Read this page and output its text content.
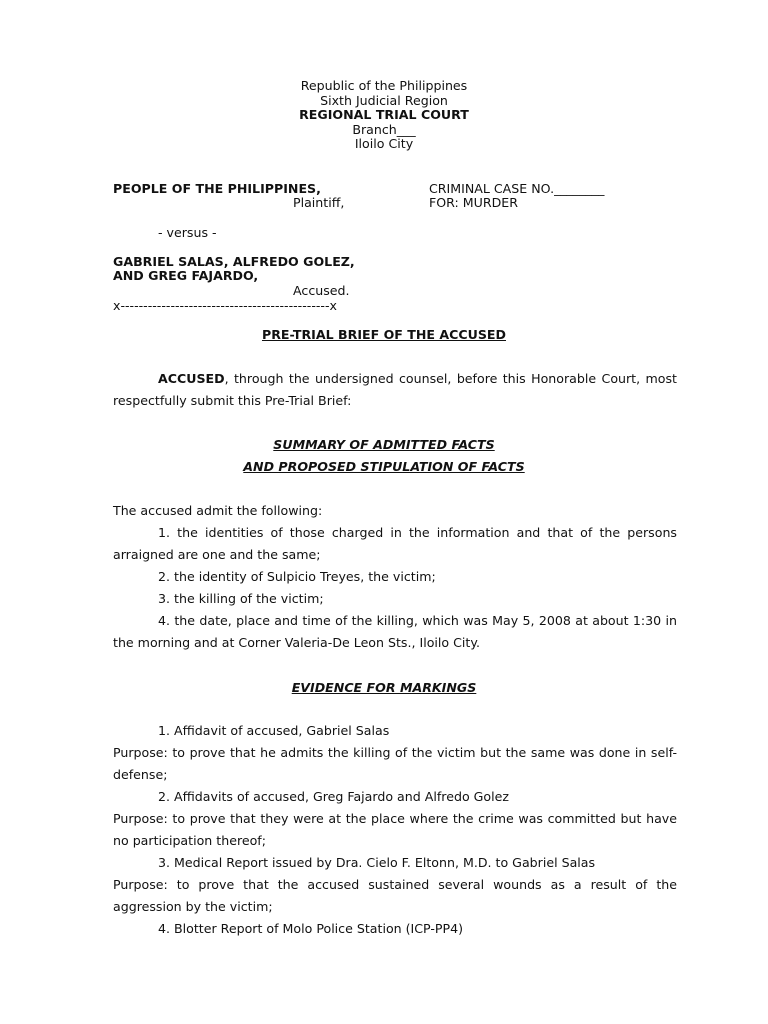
Republic of the Philippines
Sixth Judicial Region
REGIONAL TRIAL COURT
Branch___
Iloilo City
PEOPLE OF THE PHILIPPINES,
Plaintiff,
CRIMINAL CASE NO.________
FOR: MURDER
- versus -
GABRIEL SALAS, ALFREDO GOLEZ,
AND GREG FAJARDO,
Accused.
x----------------------------------------------x
PRE-TRIAL BRIEF OF THE ACCUSED
ACCUSED, through the undersigned counsel, before this Honorable Court, most respectfully submit this Pre-Trial Brief:
SUMMARY OF ADMITTED FACTS
AND PROPOSED STIPULATION OF FACTS
The accused admit the following:
1. the identities of those charged in the information and that of the persons arraigned are one and the same;
2. the identity of Sulpicio Treyes, the victim;
3. the killing of the victim;
4. the date, place and time of the killing, which was May 5, 2008 at about 1:30 in the morning and at Corner Valeria-De Leon Sts., Iloilo City.
EVIDENCE FOR MARKINGS
1. Affidavit of accused, Gabriel Salas
Purpose: to prove that he admits the killing of the victim but the same was done in self-defense;
2. Affidavits of accused, Greg Fajardo and Alfredo Golez
Purpose: to prove that they were at the place where the crime was committed but have no participation thereof;
3. Medical Report issued by Dra. Cielo F. Eltonn, M.D. to Gabriel Salas
Purpose: to prove that the accused sustained several wounds as a result of the aggression by the victim;
4. Blotter Report of Molo Police Station (ICP-PP4)
